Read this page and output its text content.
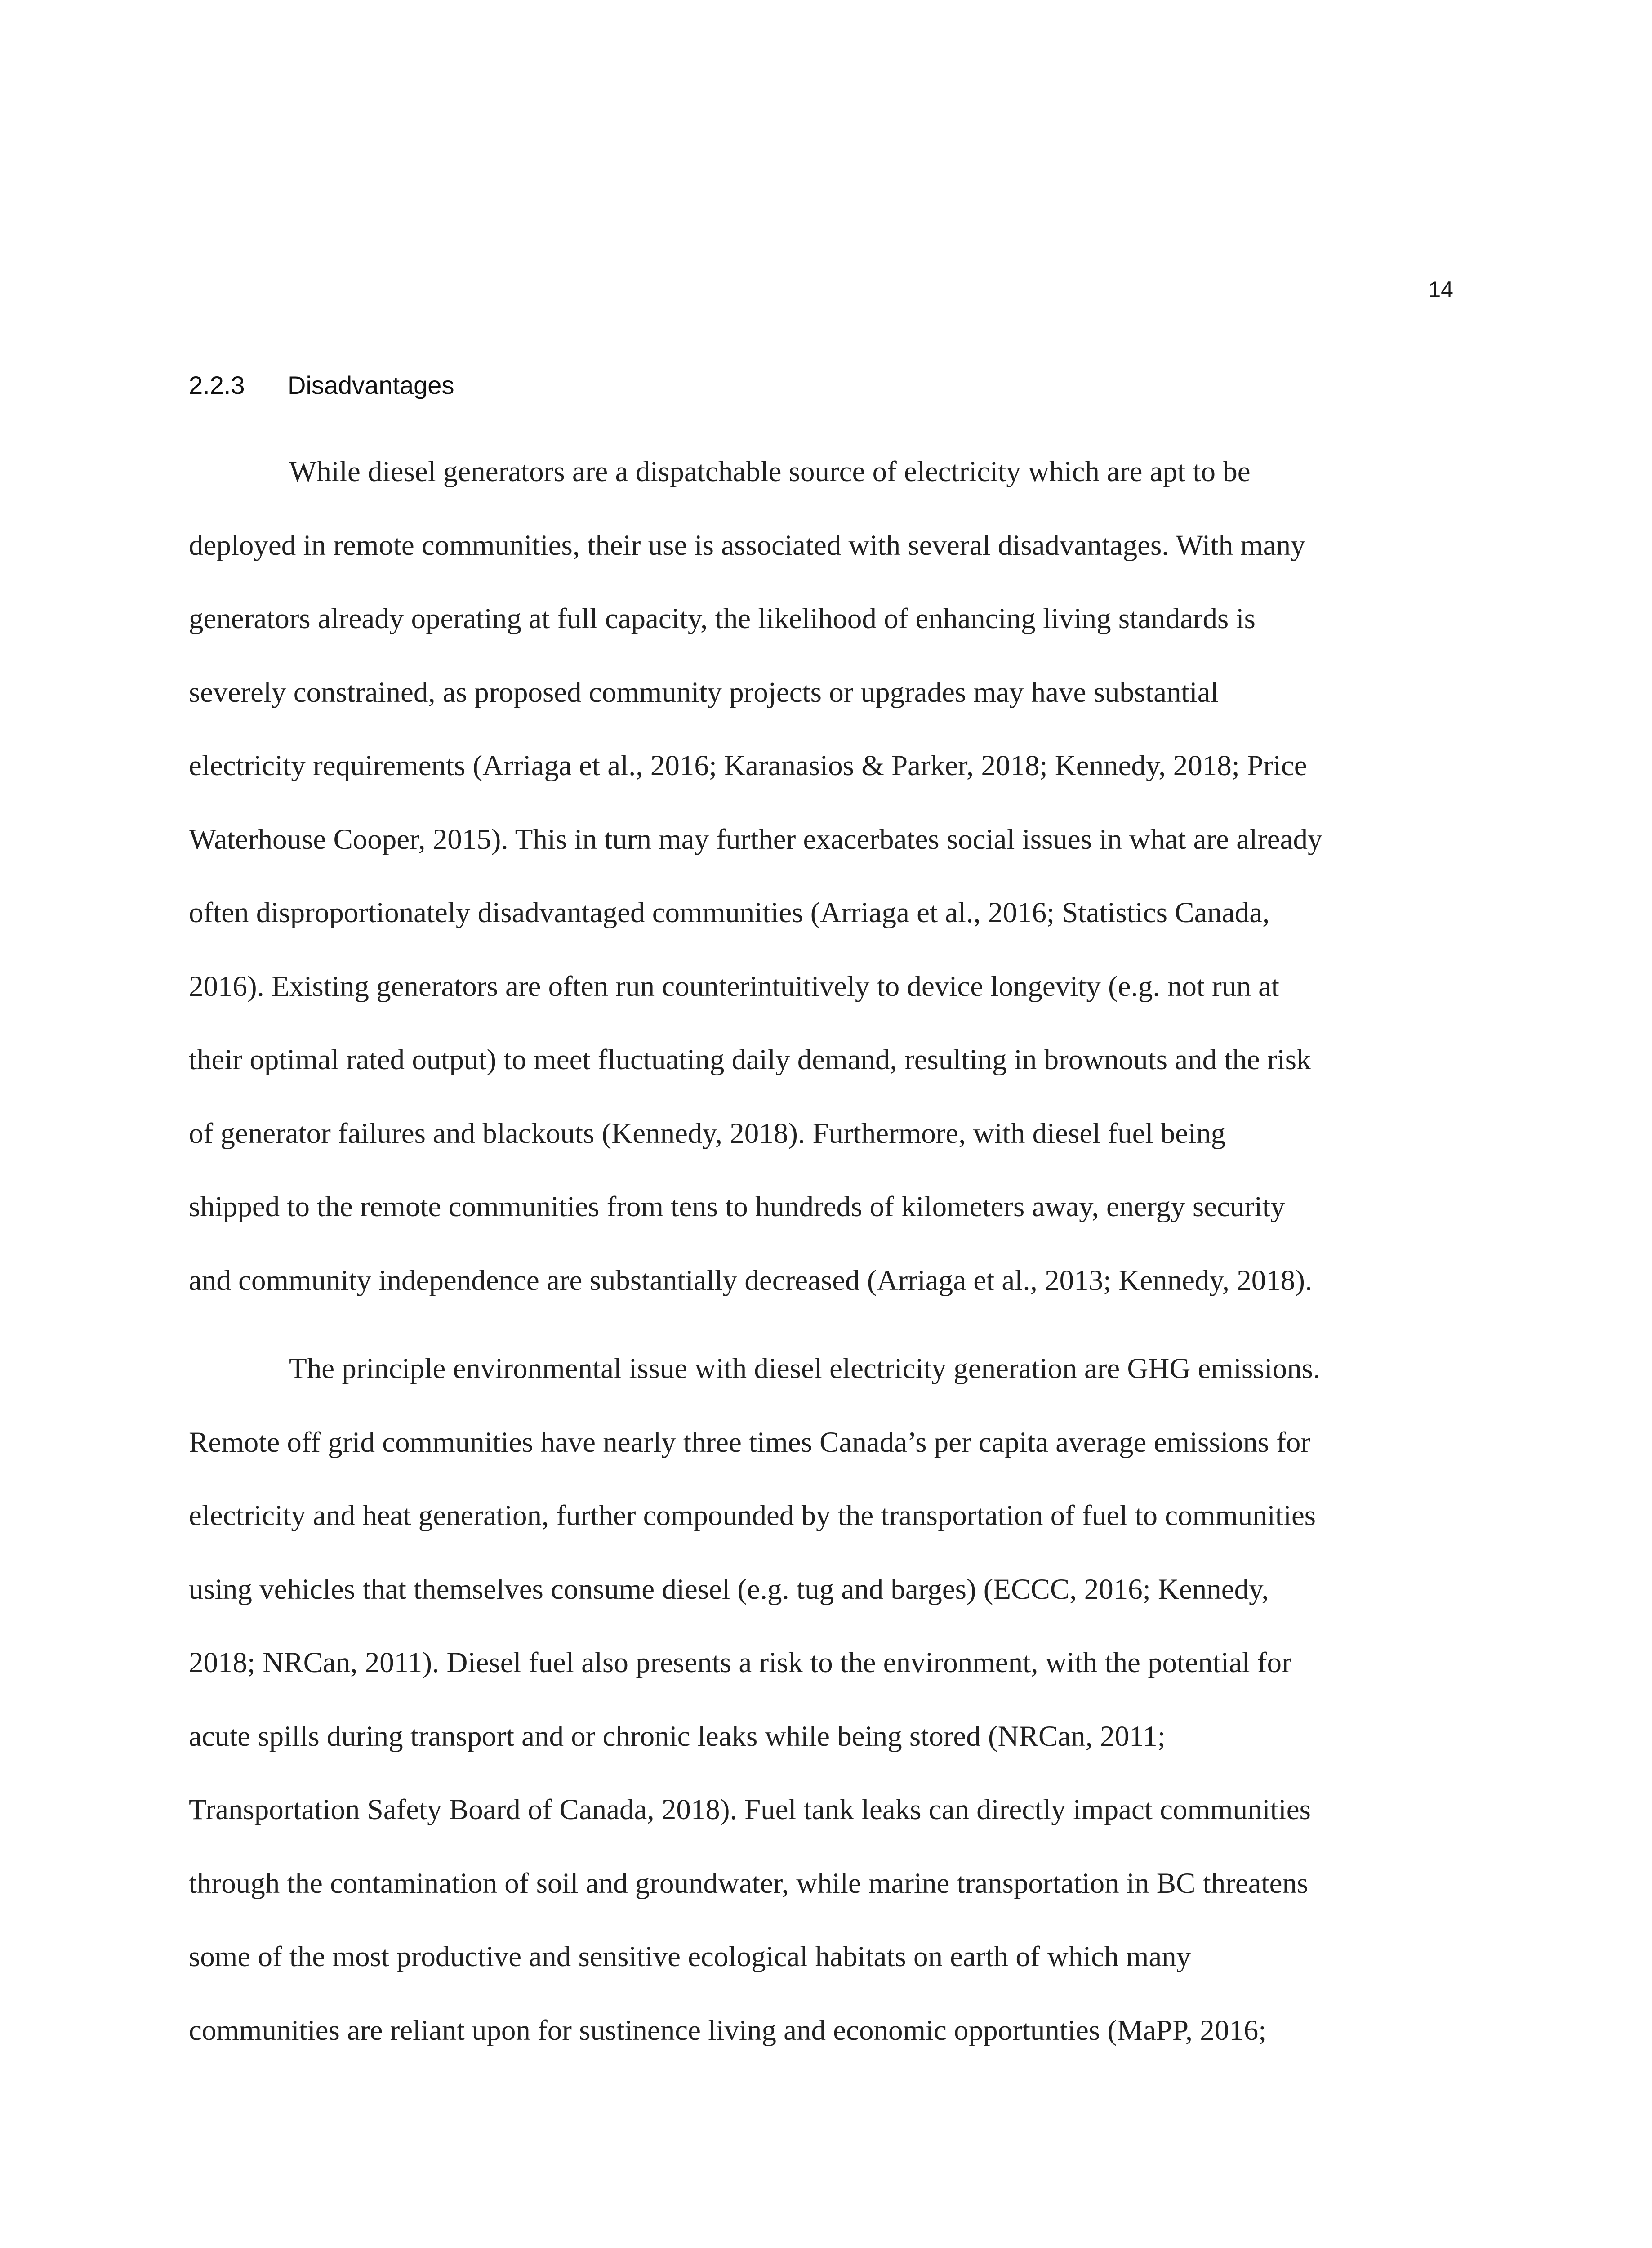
14
2.2.3 Disadvantages
While diesel generators are a dispatchable source of electricity which are apt to be
deployed in remote communities, their use is associated with several disadvantages. With many
generators already operating at full capacity, the likelihood of enhancing living standards is
severely constrained, as proposed community projects or upgrades may have substantial
electricity requirements (Arriaga et al., 2016; Karanasios & Parker, 2018; Kennedy, 2018; Price
Waterhouse Cooper, 2015). This in turn may further exacerbates social issues in what are already
often disproportionately disadvantaged communities (Arriaga et al., 2016; Statistics Canada,
2016). Existing generators are often run counterintuitively to device longevity (e.g. not run at
their optimal rated output) to meet fluctuating daily demand, resulting in brownouts and the risk
of generator failures and blackouts (Kennedy, 2018). Furthermore, with diesel fuel being
shipped to the remote communities from tens to hundreds of kilometers away, energy security
and community independence are substantially decreased (Arriaga et al., 2013; Kennedy, 2018).
The principle environmental issue with diesel electricity generation are GHG emissions.
Remote off grid communities have nearly three times Canada’s per capita average emissions for
electricity and heat generation, further compounded by the transportation of fuel to communities
using vehicles that themselves consume diesel (e.g. tug and barges) (ECCC, 2016; Kennedy,
2018; NRCan, 2011). Diesel fuel also presents a risk to the environment, with the potential for
acute spills during transport and or chronic leaks while being stored (NRCan, 2011;
Transportation Safety Board of Canada, 2018). Fuel tank leaks can directly impact communities
through the contamination of soil and groundwater, while marine transportation in BC threatens
some of the most productive and sensitive ecological habitats on earth of which many
communities are reliant upon for sustinence living and economic opportunties (MaPP, 2016;
